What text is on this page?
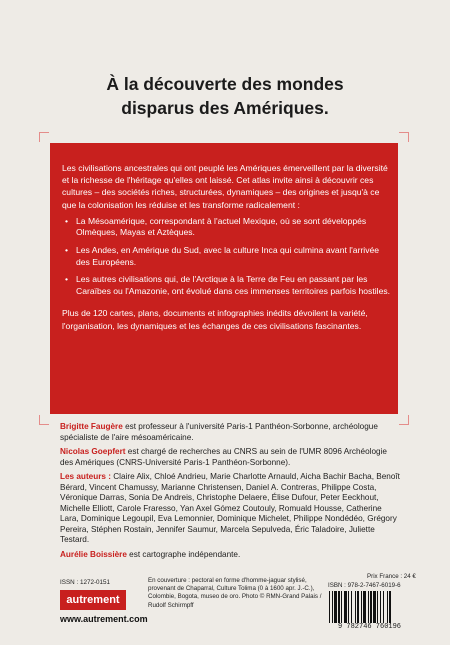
À la découverte des mondes
disparus des Amériques.

Les civilisations ancestrales qui ont peuplé les Amériques émerveillent par la diversité et la richesse de l'héritage qu'elles ont laissé. Cet atlas invite ainsi à découvrir ces cultures – des sociétés riches, structurées, dynamiques – des origines et jusqu'à ce que la colonisation les réduise et les transforme radicalement :

• La Mésoamérique, correspondant à l'actuel Mexique, où se sont développés Olmèques, Mayas et Aztèques.
• Les Andes, en Amérique du Sud, avec la culture Inca qui culmina avant l'arrivée des Européens.
• Les autres civilisations qui, de l'Arctique à la Terre de Feu en passant par les Caraïbes ou l'Amazonie, ont évolué dans ces immenses territoires parfois hostiles.

Plus de 120 cartes, plans, documents et infographies inédits dévoilent la variété, l'organisation, les dynamiques et les échanges de ces civilisations fascinantes.

Brigitte Faugère est professeur à l'université Paris-1 Panthéon-Sorbonne, archéologue spécialiste de l'aire mésoaméricaine.

Nicolas Goepfert est chargé de recherches au CNRS au sein de l'UMR 8096 Archéologie des Amériques (CNRS-Université Paris-1 Panthéon-Sorbonne).

Les auteurs : Claire Alix, Chloé Andrieu, Marie Charlotte Arnauld, Aicha Bachir Bacha, Benoît Bérard, Vincent Chamussy, Marianne Christensen, Daniel A. Contreras, Philippe Costa, Véronique Darras, Sonia De Andreis, Christophe Delaere, Élise Dufour, Peter Eeckhout, Michelle Elliott, Carole Fraresso, Yan Axel Gómez Coutouly, Romuald Housse, Catherine Lara, Dominique Legoupil, Eva Lemonnier, Dominique Michelet, Philippe Nondédéo, Grégory Pereira, Stéphen Rostain, Jennifer Saumur, Marcela Sepulveda, Éric Taladoire, Juliette Testard.

Aurélie Boissière est cartographe indépendante.

ISSN : 1272-0151
autrement
www.autrement.com
En couverture : pectoral en forme d'homme-jaguar stylisé, provenant de Chaparral, Culture Tolima (0 à 1600 apr. J.-C.), Colombie, Bogota, museo de oro. Photo © RMN-Grand Palais / Rudolf Schirmpff
Prix France : 24 €
ISBN : 978-2-7467-6019-6
9 782746 760196
